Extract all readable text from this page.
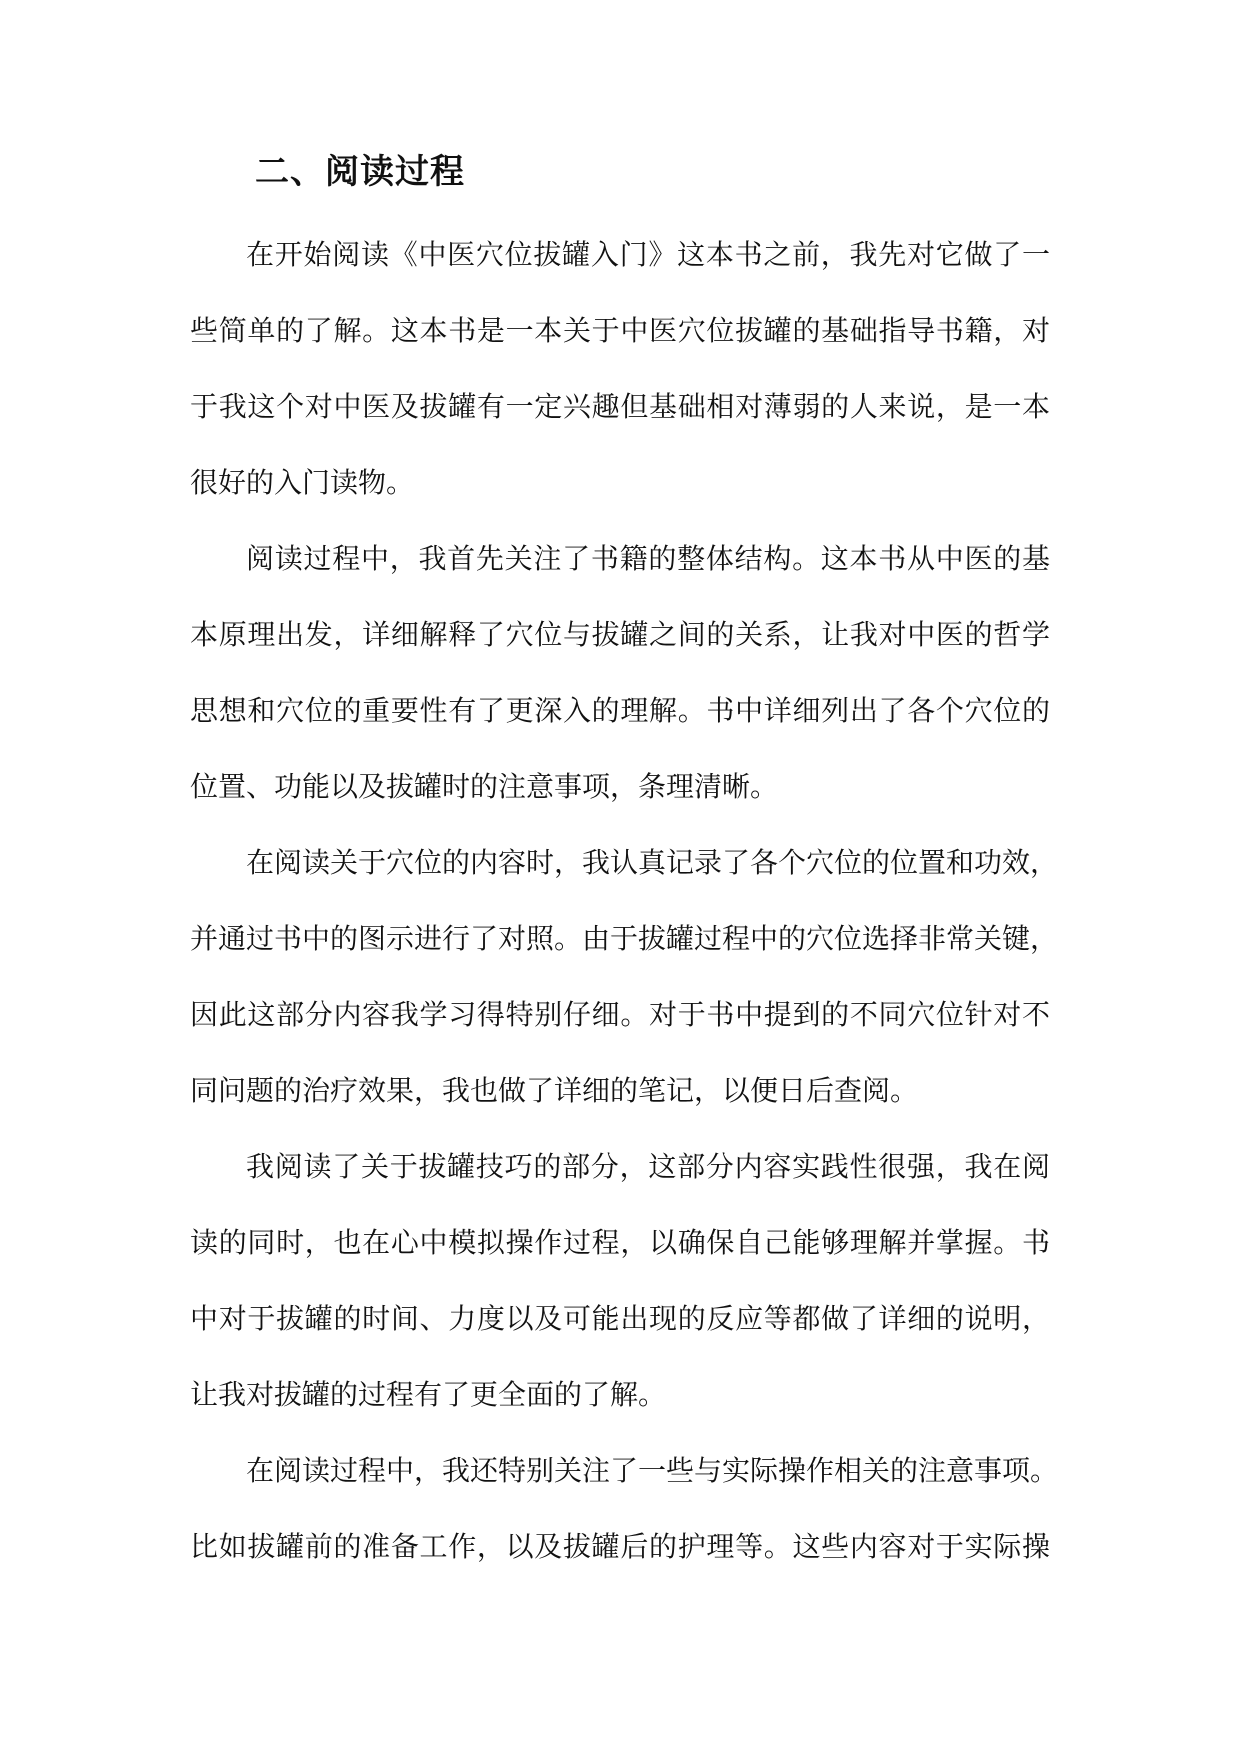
二、阅读过程
在开始阅读《中医穴位拔罐入门》这本书之前，我先对它做了一
些简单的了解。这本书是一本关于中医穴位拔罐的基础指导书籍，对
于我这个对中医及拔罐有一定兴趣但基础相对薄弱的人来说，是一本
很好的入门读物。
阅读过程中，我首先关注了书籍的整体结构。这本书从中医的基
本原理出发，详细解释了穴位与拔罐之间的关系，让我对中医的哲学
思想和穴位的重要性有了更深入的理解。书中详细列出了各个穴位的
位置、功能以及拔罐时的注意事项，条理清晰。
在阅读关于穴位的内容时，我认真记录了各个穴位的位置和功效，
并通过书中的图示进行了对照。由于拔罐过程中的穴位选择非常关键，
因此这部分内容我学习得特别仔细。对于书中提到的不同穴位针对不
同问题的治疗效果，我也做了详细的笔记，以便日后查阅。
我阅读了关于拔罐技巧的部分，这部分内容实践性很强，我在阅
读的同时，也在心中模拟操作过程，以确保自己能够理解并掌握。书
中对于拔罐的时间、力度以及可能出现的反应等都做了详细的说明，
让我对拔罐的过程有了更全面的了解。
在阅读过程中，我还特别关注了一些与实际操作相关的注意事项。
比如拔罐前的准备工作，以及拔罐后的护理等。这些内容对于实际操
